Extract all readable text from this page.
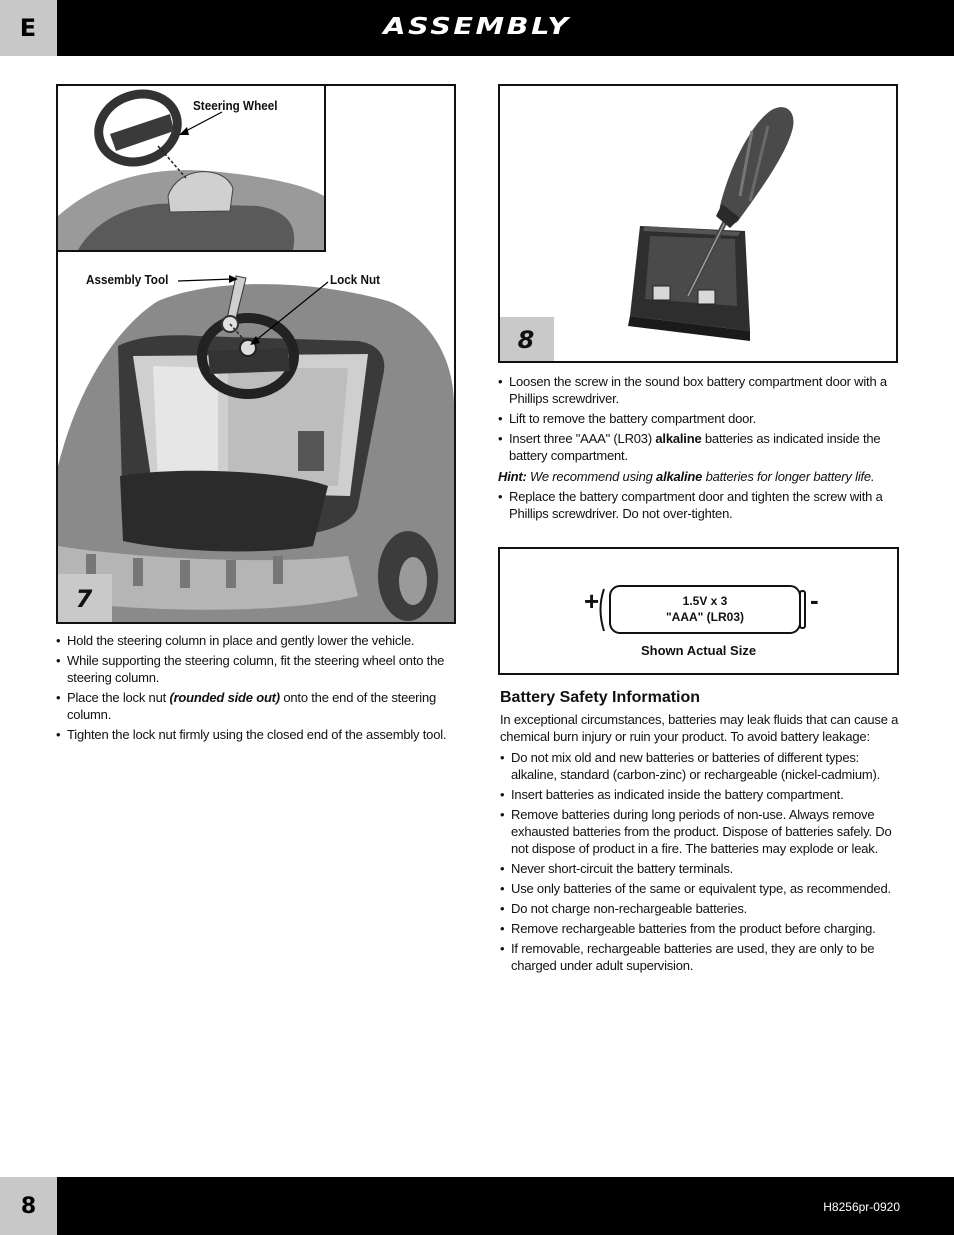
E	ASSEMBLY
Steering Wheel
Assembly Tool	Lock Nut
7
• Hold the steering column in place and gently lower the vehicle.
• While supporting the steering column, fit the steering wheel onto the steering column.
• Place the lock nut (rounded side out) onto the end of the steering column.
• Tighten the lock nut firmly using the closed end of the assembly tool.
8
• Loosen the screw in the sound box battery compartment door with a Phillips screwdriver.
• Lift to remove the battery compartment door.
• Insert three "AAA" (LR03) alkaline batteries as indicated inside the battery compartment.

Hint: We recommend using alkaline batteries for longer battery life.

• Replace the battery compartment door and tighten the screw with a Phillips screwdriver. Do not over-tighten.
+	-
1.5V x 3
"AAA" (LR03)
Shown Actual Size
Battery Safety Information
In exceptional circumstances, batteries may leak fluids that can cause a chemical burn injury or ruin your product. To avoid battery leakage:
• Do not mix old and new batteries or batteries of different types: alkaline, standard (carbon-zinc) or rechargeable (nickel-cadmium).
• Insert batteries as indicated inside the battery compartment.
• Remove batteries during long periods of non-use. Always remove exhausted batteries from the product. Dispose of batteries safely. Do not dispose of product in a fire. The batteries may explode or leak.
• Never short-circuit the battery terminals.
• Use only batteries of the same or equivalent type, as recommended.
• Do not charge non-rechargeable batteries.
• Remove rechargeable batteries from the product before charging.
• If removable, rechargeable batteries are used, they are only to be charged under adult supervision.
8	H8256pr-0920
